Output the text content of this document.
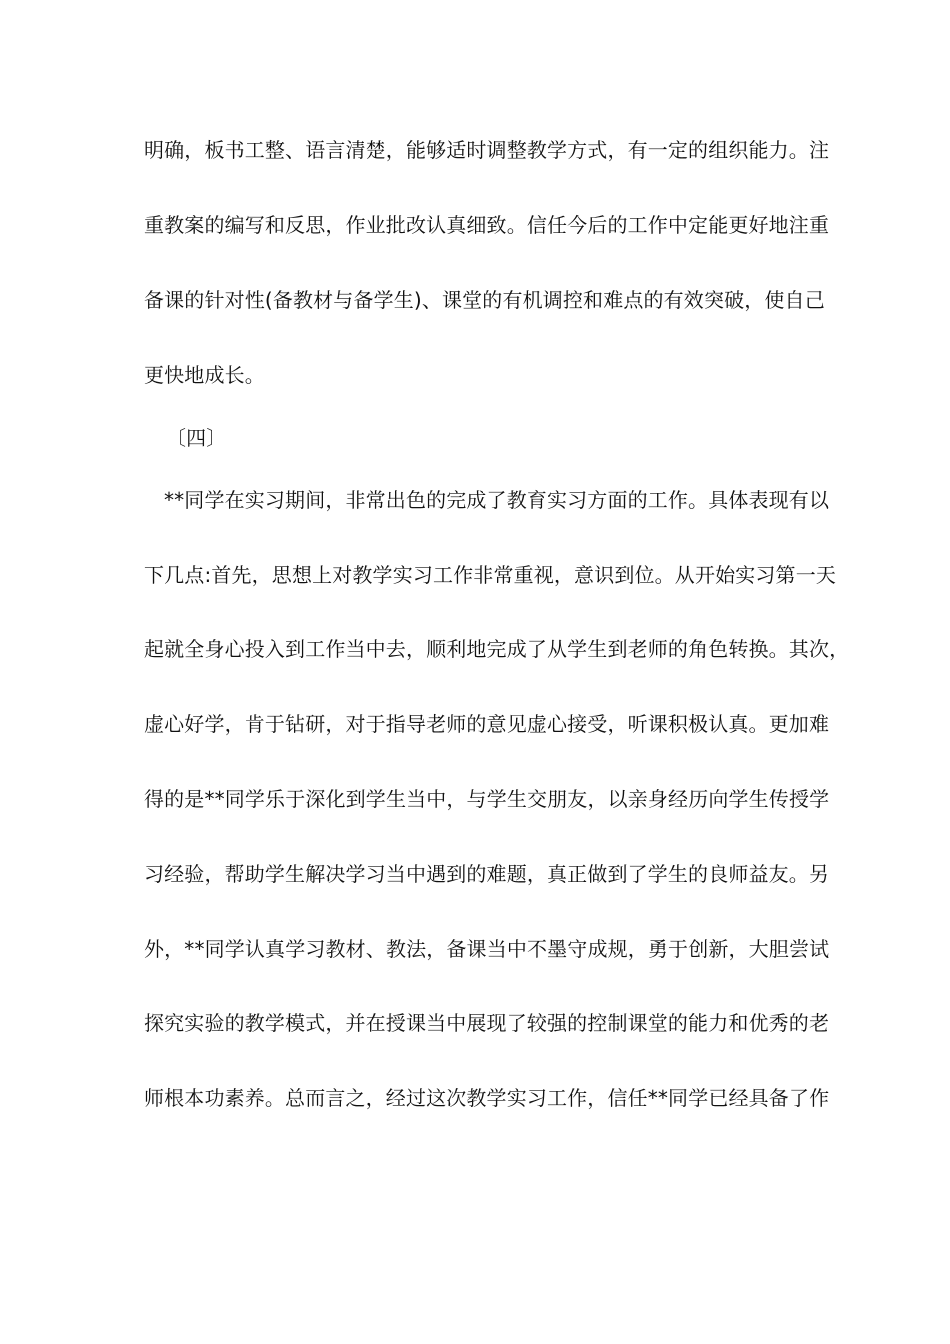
明确，板书工整、语言清楚，能够适时调整教学方式，有一定的组织能力。注
重教案的编写和反思，作业批改认真细致。信任今后的工作中定能更好地注重
备课的针对性(备教材与备学生)、课堂的有机调控和难点的有效突破，使自己
更快地成长。
〔四〕
**同学在实习期间，非常出色的完成了教育实习方面的工作。具体表现有以
下几点:首先，思想上对教学实习工作非常重视，意识到位。从开始实习第一天
起就全身心投入到工作当中去，顺利地完成了从学生到老师的角色转换。其次，
虚心好学，肯于钻研，对于指导老师的意见虚心接受，听课积极认真。更加难
得的是**同学乐于深化到学生当中，与学生交朋友，以亲身经历向学生传授学
习经验，帮助学生解决学习当中遇到的难题，真正做到了学生的良师益友。另
外，**同学认真学习教材、教法，备课当中不墨守成规，勇于创新，大胆尝试
探究实验的教学模式，并在授课当中展现了较强的控制课堂的能力和优秀的老
师根本功素养。总而言之，经过这次教学实习工作，信任**同学已经具备了作
